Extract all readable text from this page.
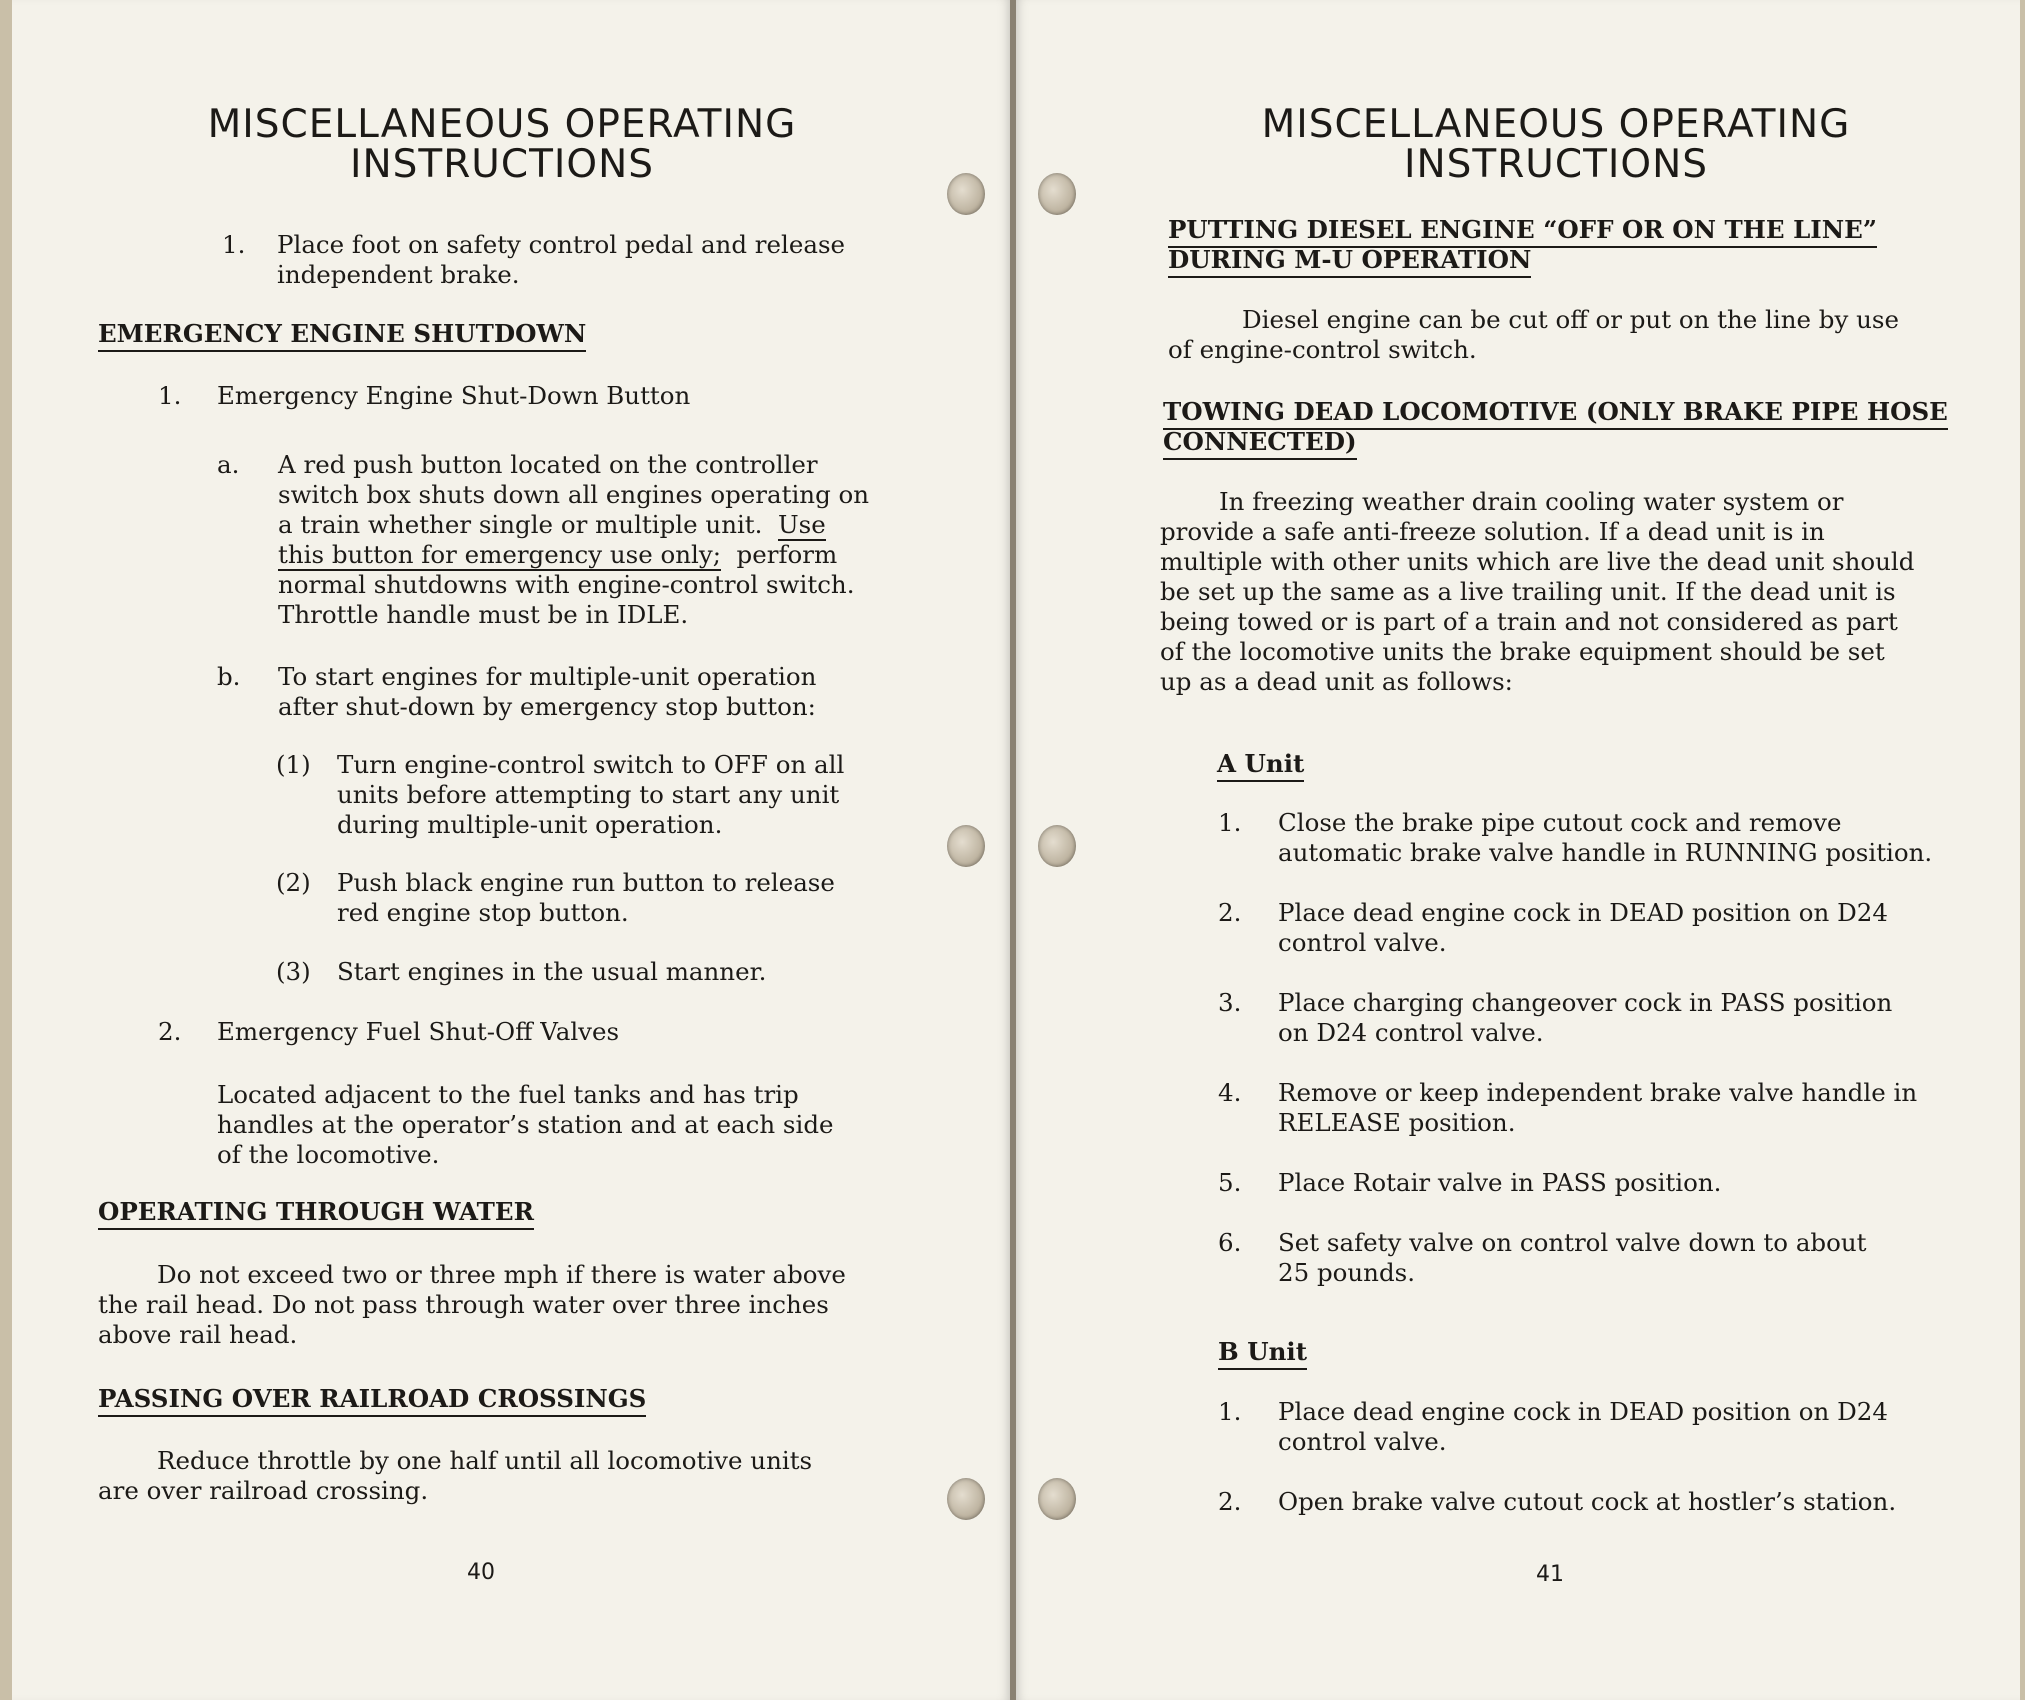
MISCELLANEOUS OPERATING
INSTRUCTIONS
1. Place foot on safety control pedal and release
independent brake.

EMERGENCY ENGINE SHUTDOWN
1. Emergency Engine Shut-Down Button

a. A red push button located on the controller
switch box shuts down all engines operating on
a train whether single or multiple unit. Use
this button for emergency use only; perform
normal shutdowns with engine-control switch.
Throttle handle must be in IDLE.

b. To start engines for multiple-unit operation
after shut-down by emergency stop button:

(1) Turn engine-control switch to OFF on all
units before attempting to start any unit
during multiple-unit operation.

(2) Push black engine run button to release
red engine stop button.

(3) Start engines in the usual manner.

2. Emergency Fuel Shut-Off Valves

Located adjacent to the fuel tanks and has trip
handles at the operator’s station and at each side
of the locomotive.

OPERATING THROUGH WATER

Do not exceed two or three mph if there is water above
the rail head. Do not pass through water over three inches
above rail head.

PASSING OVER RAILROAD CROSSINGS

Reduce throttle by one half until all locomotive units
are over railroad crossing.

40
MISCELLANEOUS OPERATING
INSTRUCTIONS
PUTTING DIESEL ENGINE “OFF OR ON THE LINE”
DURING M-U OPERATION

Diesel engine can be cut off or put on the line by use
of engine-control switch.

TOWING DEAD LOCOMOTIVE (ONLY BRAKE PIPE HOSE
CONNECTED)

In freezing weather drain cooling water system or
provide a safe anti-freeze solution. If a dead unit is in
multiple with other units which are live the dead unit should
be set up the same as a live trailing unit. If the dead unit is
being towed or is part of a train and not considered as part
of the locomotive units the brake equipment should be set
up as a dead unit as follows:

A Unit
1. Close the brake pipe cutout cock and remove
automatic brake valve handle in RUNNING position.

2. Place dead engine cock in DEAD position on D24
control valve.

3. Place charging changeover cock in PASS position
on D24 control valve.

4. Remove or keep independent brake valve handle in
RELEASE position.

5. Place Rotair valve in PASS position.

6. Set safety valve on control valve down to about
25 pounds.

B Unit
1. Place dead engine cock in DEAD position on D24
control valve.

2. Open brake valve cutout cock at hostler’s station.

41
